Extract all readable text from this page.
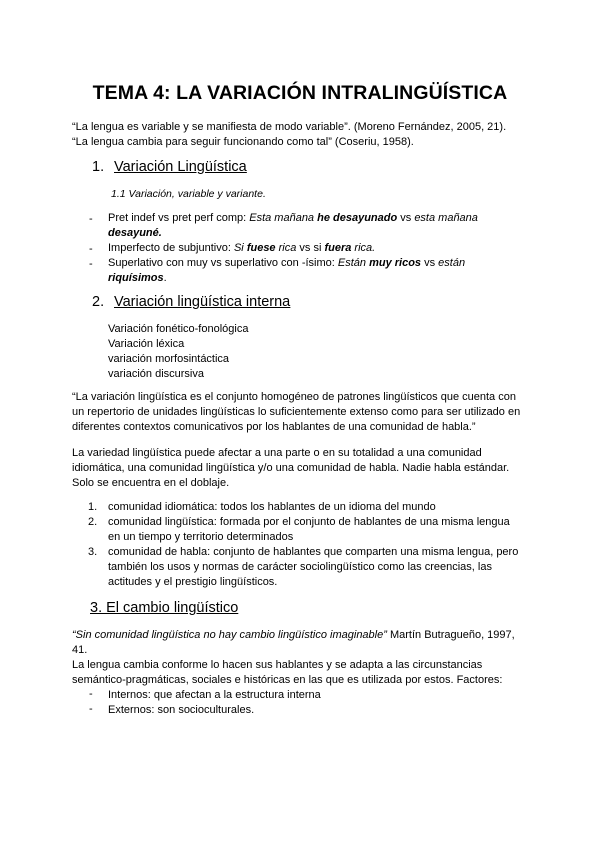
TEMA 4: LA VARIACIÓN INTRALINGÜÍSTICA
“La lengua es variable y se manifiesta de modo variable”. (Moreno Fernández, 2005, 21).
“La lengua cambia para seguir funcionando como tal” (Coseriu, 1958).
1. Variación Lingüística
1.1 Variación, variable y variante.
- Pret indef vs pret perf comp: Esta mañana he desayunado vs esta mañana
desayuné.
- Imperfecto de subjuntivo: Si fuese rica vs si fuera rica.
- Superlativo con muy vs superlativo con -ísimo: Están muy ricos vs están
riquísimos.
2. Variación lingüística interna
Variación fonético-fonológica
Variación léxica
variación morfosintáctica
variación discursiva
“La variación lingüística es el conjunto homogéneo de patrones lingüísticos que cuenta con
un repertorio de unidades lingüísticas lo suficientemente extenso como para ser utilizado en
diferentes contextos comunicativos por los hablantes de una comunidad de habla.”
La variedad lingüística puede afectar a una parte o en su totalidad a una comunidad
idiomática, una comunidad lingüística y/o una comunidad de habla. Nadie habla estándar.
Solo se encuentra en el doblaje.
1. comunidad idiomática: todos los hablantes de un idioma del mundo
2. comunidad lingüística: formada por el conjunto de hablantes de una misma lengua
en un tiempo y territorio determinados
3. comunidad de habla: conjunto de hablantes que comparten una misma lengua, pero
también los usos y normas de carácter sociolingüístico como las creencias, las
actitudes y el prestigio lingüísticos.
3. El cambio lingüístico
“Sin comunidad lingüística no hay cambio lingüístico imaginable” Martín Butragueño, 1997,
41.
La lengua cambia conforme lo hacen sus hablantes y se adapta a las circunstancias
semántico-pragmáticas, sociales e históricas en las que es utilizada por estos. Factores:
- Internos: que afectan a la estructura interna
- Externos: son socioculturales.
